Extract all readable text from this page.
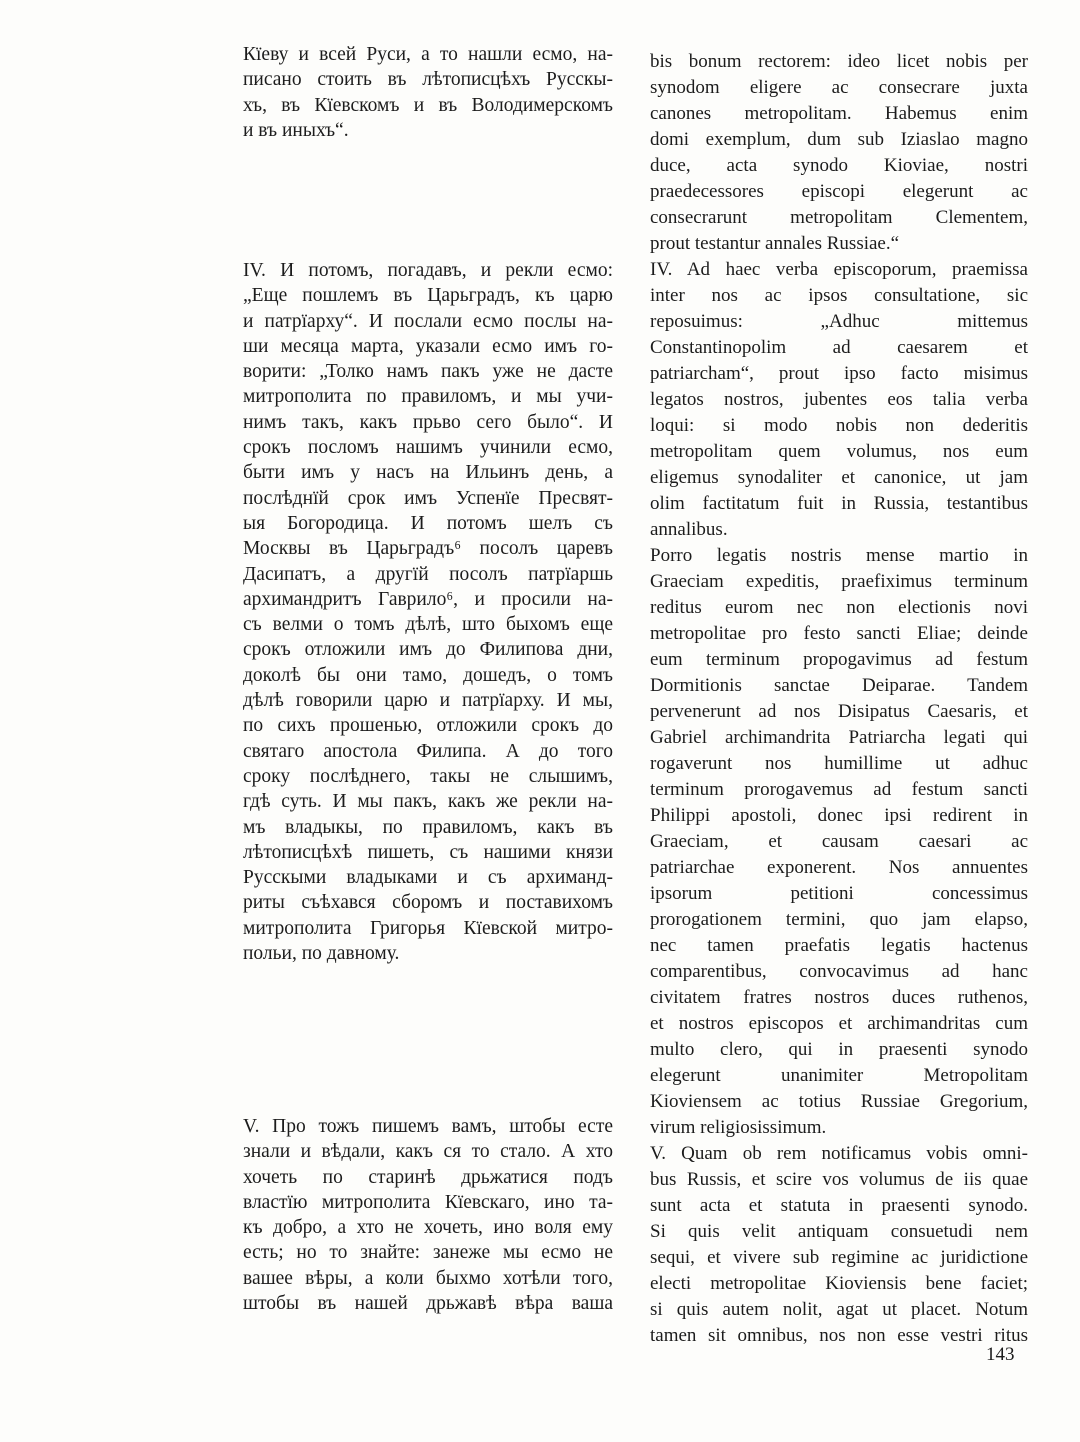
Кїеву и всей Руси, а то нашли есмо, на-
писано стоить въ лѣтописцѣхъ Русскы-
хъ, въ Кїевскомъ и въ Володимерскомъ
и въ иныхъ“.
IV. И потомъ, погадавъ, и рекли есмо:
„Еще пошлемъ въ Царьградъ, къ царю
и патрїарху“. И послали есмо послы на-
ши месяца марта, указали есмо имъ го-
ворити: „Толко намъ пакъ уже не дасте
митрополита по правиломъ, и мы учи-
нимъ такъ, какъ прьво сего было“. И
срокъ посломъ нашимъ учинили есмо,
быти имъ у насъ на Ильинъ день, а
послѣднїй срок имъ Успенїе Пресвят-
ыя Богородица. И потомъ шелъ съ
Москвы въ Царьградъ⁶ посолъ царевъ
Дасипатъ, а другїй посолъ патрїаршь
архимандритъ Гаврило⁶, и просили на-
съ велми о томъ дѣлѣ, што быхомъ еще
срокъ отложили имъ до Филипова дни,
доколѣ бы они тамо, дошедъ, о томъ
дѣлѣ говорили царю и патрїарху. И мы,
по сихъ прошенью, отложили срокъ до
святаго апостола Филипа. А до того
сроку послѣднего, такы не слышимъ,
гдѣ суть. И мы пакъ, какъ же рекли на-
мъ владыкы, по правиломъ, какъ въ
лѣтописцѣхѣ пишеть, съ нашими князи
Русскыми владыками и съ архиманд-
риты съѣхався сборомъ и поставихомъ
митрополита Григорья Кїевской митро-
польи, по давному.
V. Про тожъ пишемъ вамъ, штобы есте
знали и вѣдали, какъ ся то стало. А хто
хочеть по старинѣ дрьжатися подъ
властїю митрополита Кїевскаго, ино та-
къ добро, а хто не хочеть, ино воля ему
есть; но то знайте: занеже мы есмо не
вашее вѣры, а коли быхмо хотѣли того,
штобы въ нашей дрьжавѣ вѣра ваша
bis bonum rectorem: ideo licet nobis per
synodom eligere ac consecrare juxta
canones metropolitam. Habemus enim
domi exemplum, dum sub Iziaslao magno
duce, acta synodo Kioviae, nostri
praedecessores episcopi elegerunt ac
consecrarunt metropolitam Clementem,
prout testantur annales Russiae.“
IV. Ad haec verba episcoporum, praemissa
inter nos ac ipsos consultatione, sic
reposuimus: „Adhuc mittemus
Constantinopolim ad caesarem et
patriarcham“, prout ipso facto misimus
legatos nostros, jubentes eos talia verba
loqui: si modo nobis non dederitis
metropolitam quem volumus, nos eum
eligemus synodaliter et canonice, ut jam
olim factitatum fuit in Russia, testantibus
annalibus.
Porro legatis nostris mense martio in
Graeciam expeditis, praefiximus terminum
reditus eurom nec non electionis novi
metropolitae pro festo sancti Eliae; deinde
eum terminum propogavimus ad festum
Dormitionis sanctae Deiparae. Tandem
pervenerunt ad nos Disipatus Caesaris, et
Gabriel archimandrita Patriarcha legati qui
rogaverunt nos humillime ut adhuc
terminum prorogavemus ad festum sancti
Philippi apostoli, donec ipsi redirent in
Graeciam, et causam caesari ac
patriarchae exponerent. Nos annuentes
ipsorum petitioni concessimus
prorogationem termini, quo jam elapso,
nec tamen praefatis legatis hactenus
comparentibus, convocavimus ad hanc
civitatem fratres nostros duces ruthenos,
et nostros episcopos et archimandritas cum
multo clero, qui in praesenti synodo
elegerunt unanimiter Metropolitam
Kioviensem ac totius Russiae Gregorium,
virum religiosissimum.
V. Quam ob rem notificamus vobis omni-
bus Russis, et scire vos volumus de iis quae
sunt acta et statuta in praesenti synodo.
Si quis velit antiquam consuetudi nem
sequi, et vivere sub regimine ac juridictione
electi metropolitae Kioviensis bene faciet;
si quis autem nolit, agat ut placet. Notum
tamen sit omnibus, nos non esse vestri ritus
143
